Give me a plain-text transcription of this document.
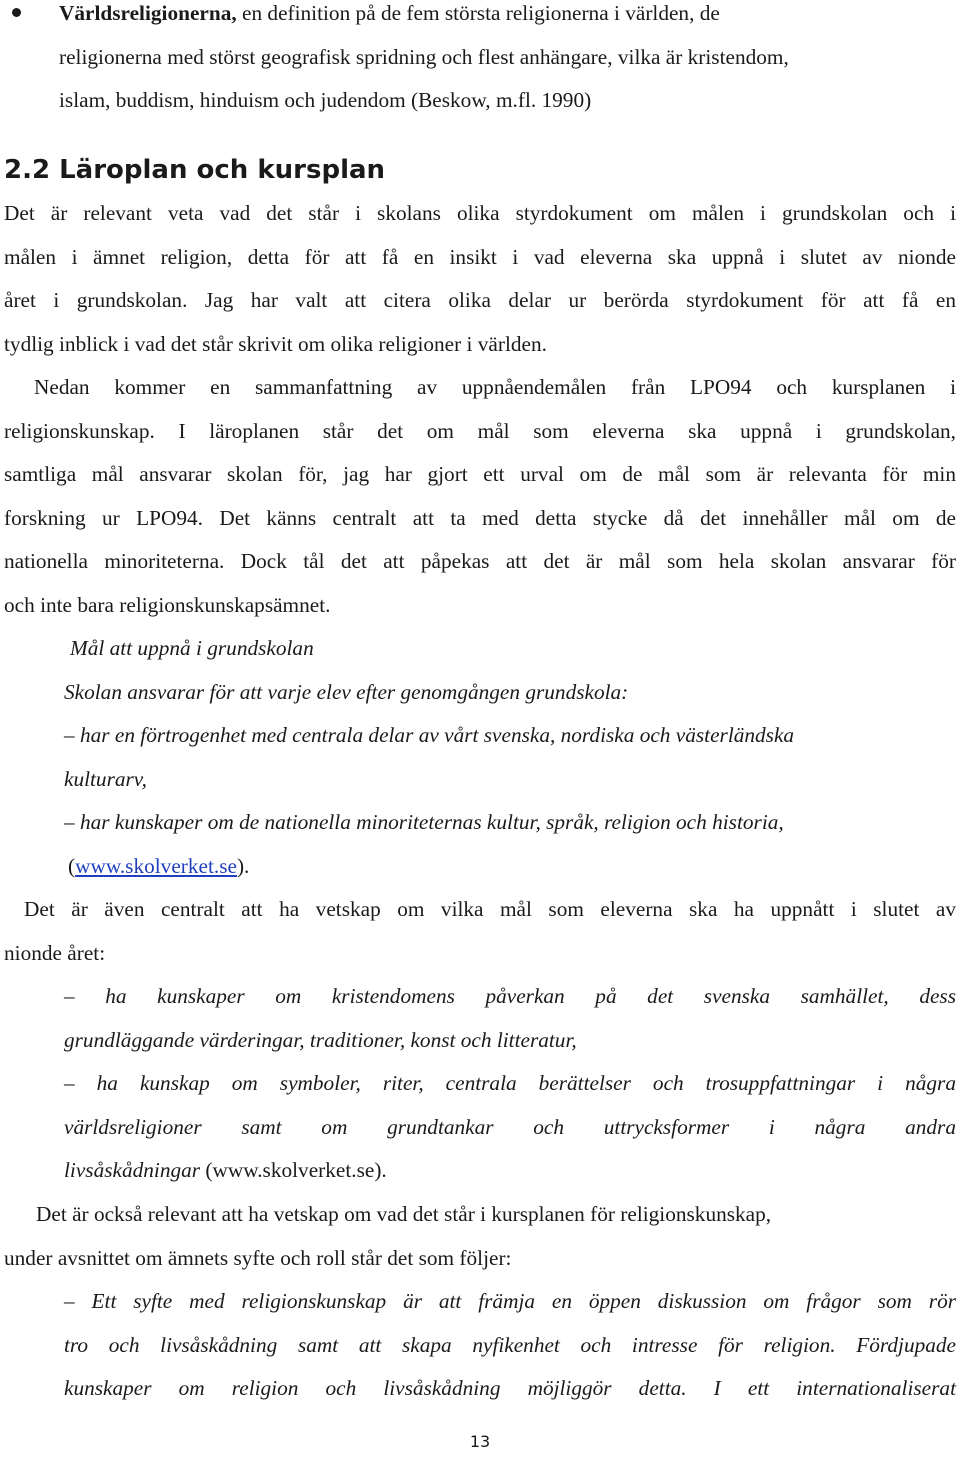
Världsreligionerna, en definition på de fem största religionerna i världen, de
religionerna med störst geografisk spridning och flest anhängare, vilka är kristendom,
islam, buddism, hinduism och judendom (Beskow, m.fl. 1990)
2.2 Läroplan och kursplan
Det är relevant veta vad det står i skolans olika styrdokument om målen i grundskolan och i
målen i ämnet religion, detta för att få en insikt i vad eleverna ska uppnå i slutet av nionde
året i grundskolan. Jag har valt att citera olika delar ur berörda styrdokument för att få en
tydlig inblick i vad det står skrivit om olika religioner i världen.
Nedan kommer en sammanfattning av uppnåendemålen från LPO94 och kursplanen i
religionskunskap. I läroplanen står det om mål som eleverna ska uppnå i grundskolan,
samtliga mål ansvarar skolan för, jag har gjort ett urval om de mål som är relevanta för min
forskning ur LPO94. Det känns centralt att ta med detta stycke då det innehåller mål om de
nationella minoriteterna. Dock tål det att påpekas att det är mål som hela skolan ansvarar för
och inte bara religionskunskapsämnet.
Mål att uppnå i grundskolan
Skolan ansvarar för att varje elev efter genomgången grundskola:
– har en förtrogenhet med centrala delar av vårt svenska, nordiska och västerländska
kulturarv,
– har kunskaper om de nationella minoriteternas kultur, språk, religion och historia,
(www.skolverket.se).
Det är även centralt att ha vetskap om vilka mål som eleverna ska ha uppnått i slutet av
nionde året:
– ha kunskaper om kristendomens påverkan på det svenska samhället, dess
grundläggande värderingar, traditioner, konst och litteratur,
– ha kunskap om symboler, riter, centrala berättelser och trosuppfattningar i några
världsreligioner samt om grundtankar och uttrycksformer i några andra
livsåskådningar (www.skolverket.se).
Det är också relevant att ha vetskap om vad det står i kursplanen för religionskunskap,
under avsnittet om ämnets syfte och roll står det som följer:
– Ett syfte med religionskunskap är att främja en öppen diskussion om frågor som rör
tro och livsåskådning samt att skapa nyfikenhet och intresse för religion. Fördjupade
kunskaper om religion och livsåskådning möjliggör detta. I ett internationaliserat
13
